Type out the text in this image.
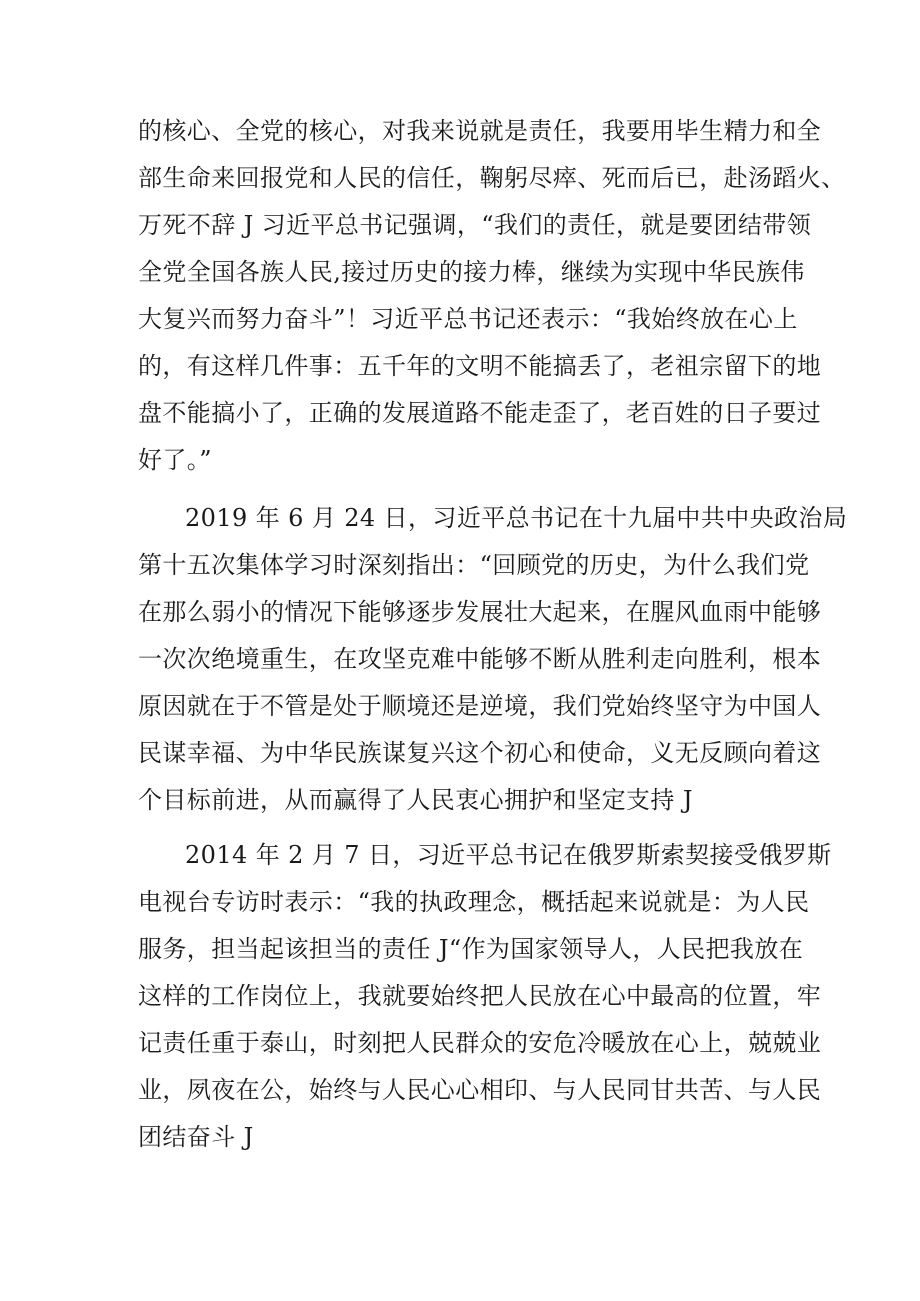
的核心、全党的核心，对我来说就是责任，我要用毕生精力和全
部生命来回报党和人民的信任，鞠躬尽瘁、死而后已，赴汤蹈火、
万死不辞 J 习近平总书记强调，“我们的责任，就是要团结带领
全党全国各族人民,接过历史的接力棒，继续为实现中华民族伟
大复兴而努力奋斗”！习近平总书记还表示：“我始终放在心上
的，有这样几件事：五千年的文明不能搞丢了，老祖宗留下的地
盘不能搞小了，正确的发展道路不能走歪了，老百姓的日子要过
好了。”
2019 年 6 月 24 日，习近平总书记在十九届中共中央政治局
第十五次集体学习时深刻指出：“回顾党的历史，为什么我们党
在那么弱小的情况下能够逐步发展壮大起来，在腥风血雨中能够
一次次绝境重生，在攻坚克难中能够不断从胜利走向胜利，根本
原因就在于不管是处于顺境还是逆境，我们党始终坚守为中国人
民谋幸福、为中华民族谋复兴这个初心和使命，义无反顾向着这
个目标前进，从而赢得了人民衷心拥护和坚定支持 J
2014 年 2 月 7 日，习近平总书记在俄罗斯索契接受俄罗斯
电视台专访时表示：“我的执政理念，概括起来说就是：为人民
服务，担当起该担当的责任 J“作为国家领导人，人民把我放在
这样的工作岗位上，我就要始终把人民放在心中最高的位置，牢
记责任重于泰山，时刻把人民群众的安危冷暖放在心上，兢兢业
业，夙夜在公，始终与人民心心相印、与人民同甘共苦、与人民
团结奋斗 J
